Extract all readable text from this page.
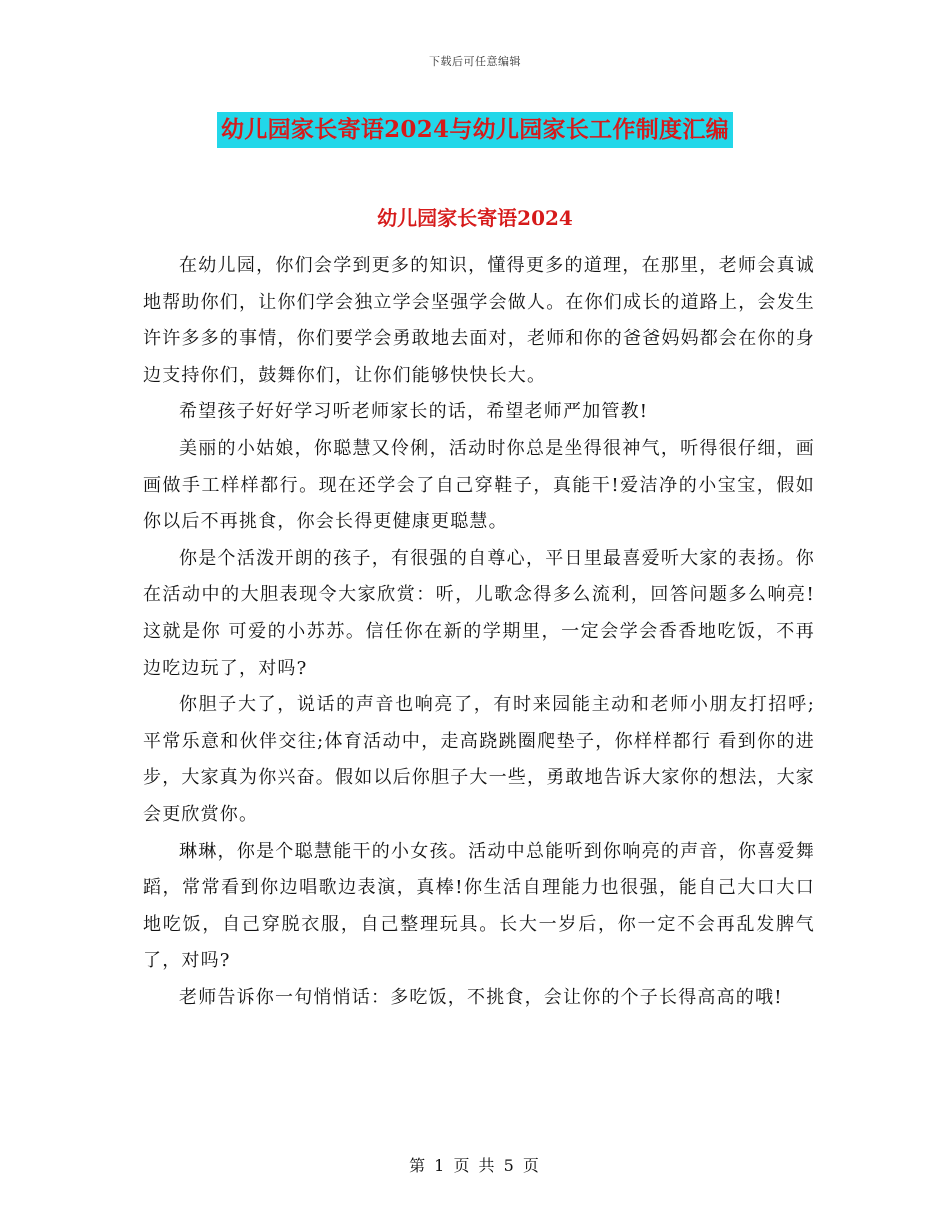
下载后可任意编辑
幼儿园家长寄语2024与幼儿园家长工作制度汇编
幼儿园家长寄语2024

在幼儿园，你们会学到更多的知识，懂得更多的道理，在那里，老师会真诚地帮助你们，让你们学会独立学会坚强学会做人。在你们成长的道路上，会发生许许多多的事情，你们要学会勇敢地去面对，老师和你的爸爸妈妈都会在你的身边支持你们，鼓舞你们，让你们能够快快长大。

希望孩子好好学习听老师家长的话，希望老师严加管教!

美丽的小姑娘，你聪慧又伶俐，活动时你总是坐得很神气，听得很仔细，画画做手工样样都行。现在还学会了自己穿鞋子，真能干!爱洁净的小宝宝，假如你以后不再挑食，你会长得更健康更聪慧。

你是个活泼开朗的孩子，有很强的自尊心，平日里最喜爱听大家的表扬。你在活动中的大胆表现令大家欣赏：听，儿歌念得多么流利，回答问题多么响亮!这就是你 可爱的小苏苏。信任你在新的学期里，一定会学会香香地吃饭，不再边吃边玩了，对吗?

你胆子大了，说话的声音也响亮了，有时来园能主动和老师小朋友打招呼;平常乐意和伙伴交往;体育活动中，走高跷跳圈爬垫子，你样样都行 看到你的进步，大家真为你兴奋。假如以后你胆子大一些，勇敢地告诉大家你的想法，大家会更欣赏你。

琳琳，你是个聪慧能干的小女孩。活动中总能听到你响亮的声音，你喜爱舞蹈，常常看到你边唱歌边表演，真棒!你生活自理能力也很强，能自己大口大口地吃饭，自己穿脱衣服，自己整理玩具。长大一岁后，你一定不会再乱发脾气了，对吗?

老师告诉你一句悄悄话：多吃饭，不挑食，会让你的个子长得高高的哦!

第 1 页 共 5 页
